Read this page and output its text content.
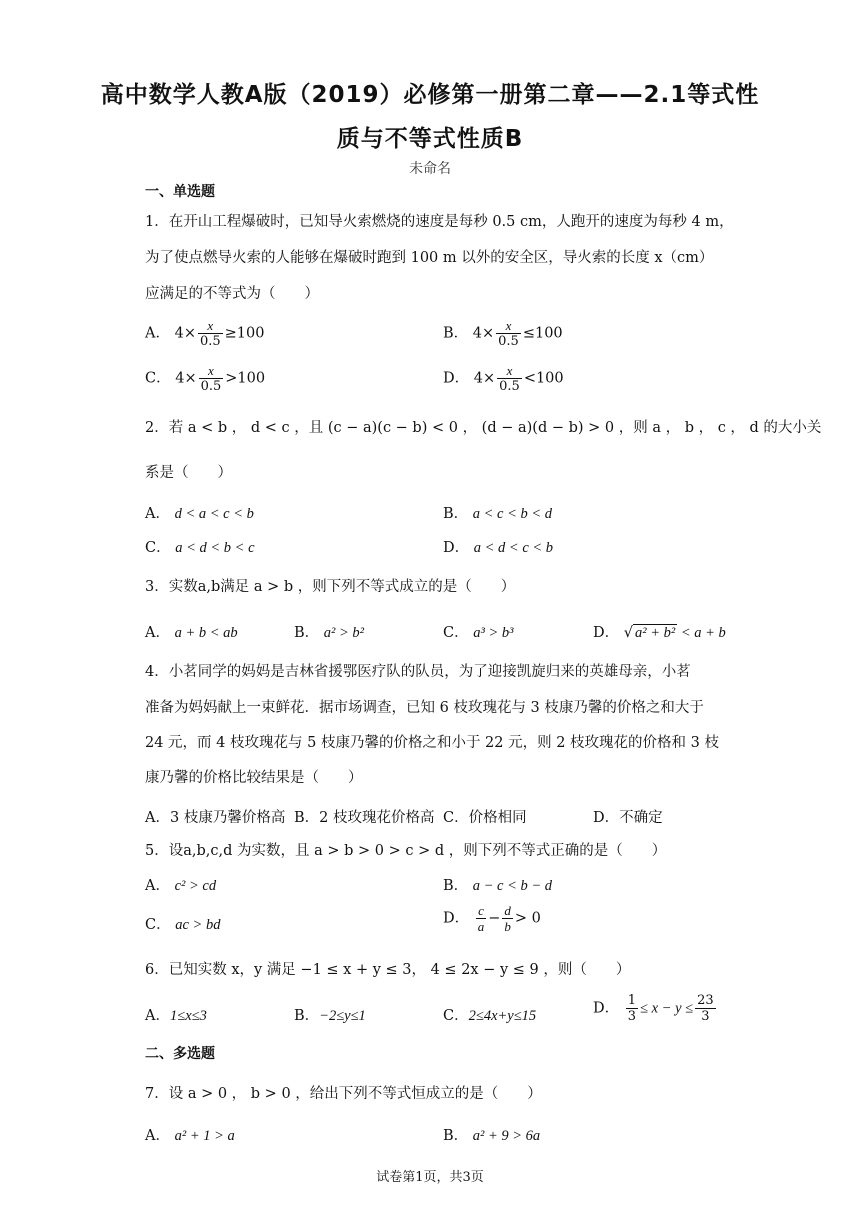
高中数学人教A版（2019）必修第一册第二章——2.1等式性
质与不等式性质B
未命名
一、单选题
1．在开山工程爆破时，已知导火索燃烧的速度是每秒 0.5 cm，人跑开的速度为每秒 4 m，
为了使点燃导火索的人能够在爆破时跑到 100 m 以外的安全区，导火索的长度 x（cm）
应满足的不等式为（　　）
A． $4\times \frac{x}{0.5} \ge 100$	B． $4\times \frac{x}{0.5} \le 100$
C． $4\times \frac{x}{0.5} >100$	D． $4\times \frac{x}{0.5} <100$
2．若 a < b ， d < c ，且 (c − a)(c − b) < 0 ， (d − a)(d − b) > 0 ，则 a ， b ， c ， d 的大小关
系是（　　）
A． d < a < c < b	B． a < c < b < d
C． a < d < b < c	D． a < d < c < b
3．实数a,b满足 a > b ，则下列不等式成立的是（　　）
A． a + b < ab	B． a² > b²	C． a³ > b³	D． √ a² + b² < a + b
4．小茗同学的妈妈是吉林省援鄂医疗队的队员，为了迎接凯旋归来的英雄母亲，小茗
准备为妈妈献上一束鲜花．据市场调查，已知 6 枝玫瑰花与 3 枝康乃馨的价格之和大于
24 元，而 4 枝玫瑰花与 5 枝康乃馨的价格之和小于 22 元，则 2 枝玫瑰花的价格和 3 枝
康乃馨的价格比较结果是（　　）
A．3 枝康乃馨价格高 B．2 枝玫瑰花价格高 C．价格相同	D．不确定
5．设a,b,c,d 为实数，且 a > b > 0 > c > d ，则下列不等式正确的是（　　）
A． c² > cd	B． a − c < b − d
C． ac > bd	D． $\frac{c}{a} - \frac{d}{b} > 0$
6．已知实数 x，y 满足 −1 ≤ x + y ≤ 3， 4 ≤ 2x − y ≤ 9 ，则（　　）
A．1≤x≤3	B．−2≤y≤1	C．2≤4x+y≤15	D． $\frac{1}{3} \le x - y \le \frac{23}{3}$
二、多选题
7．设 a > 0 ， b > 0 ，给出下列不等式恒成立的是（　　）
A． a² + 1 > a	B． a² + 9 > 6a
试卷第1页，共3页
